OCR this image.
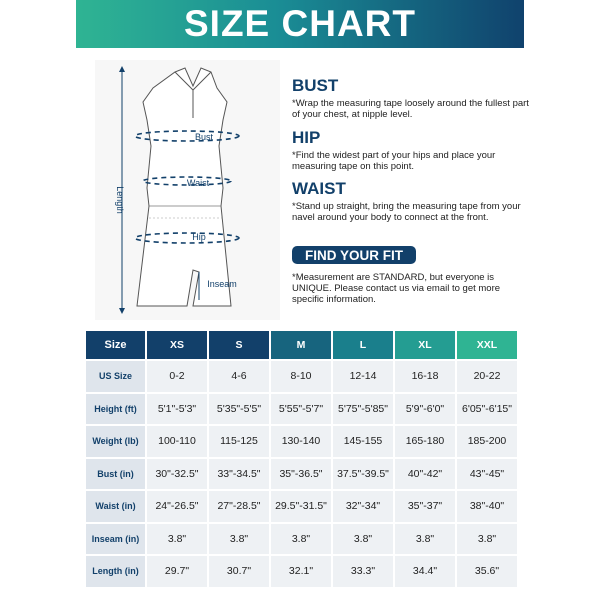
SIZE CHART
Length
Bust
Waist
Hip
Inseam
BUST

*Wrap the measuring tape loosely around the fullest part of your chest, at nipple level.

HIP

*Find the widest part of your hips and place your measuring tape on this point.

WAIST

*Stand up straight, bring the measuring tape from your navel around your body to connect at the front.

FIND YOUR FIT
*Measurement are STANDARD, but everyone is UNIQUE. Please contact us via email to get more specific information.
Size	XS	S	M	L	XL	XXL
US Size	0-2	4-6	8-10	12-14	16-18	20-22
Height (ft)	5'1"-5'3"	5'35"-5'5"	5'55"-5'7"	5'75"-5'85"	5'9"-6'0"	6'05"-6'15"
Weight (lb)	100-110	115-125	130-140	145-155	165-180	185-200
Bust (in)	30"-32.5"	33"-34.5"	35"-36.5"	37.5"-39.5"	40"-42"	43"-45"
Waist (in)	24"-26.5"	27"-28.5"	29.5"-31.5"	32"-34"	35"-37"	38"-40"
Inseam (in)	3.8"	3.8"	3.8"	3.8"	3.8"	3.8"
Length (in)	29.7"	30.7"	32.1"	33.3"	34.4"	35.6"
